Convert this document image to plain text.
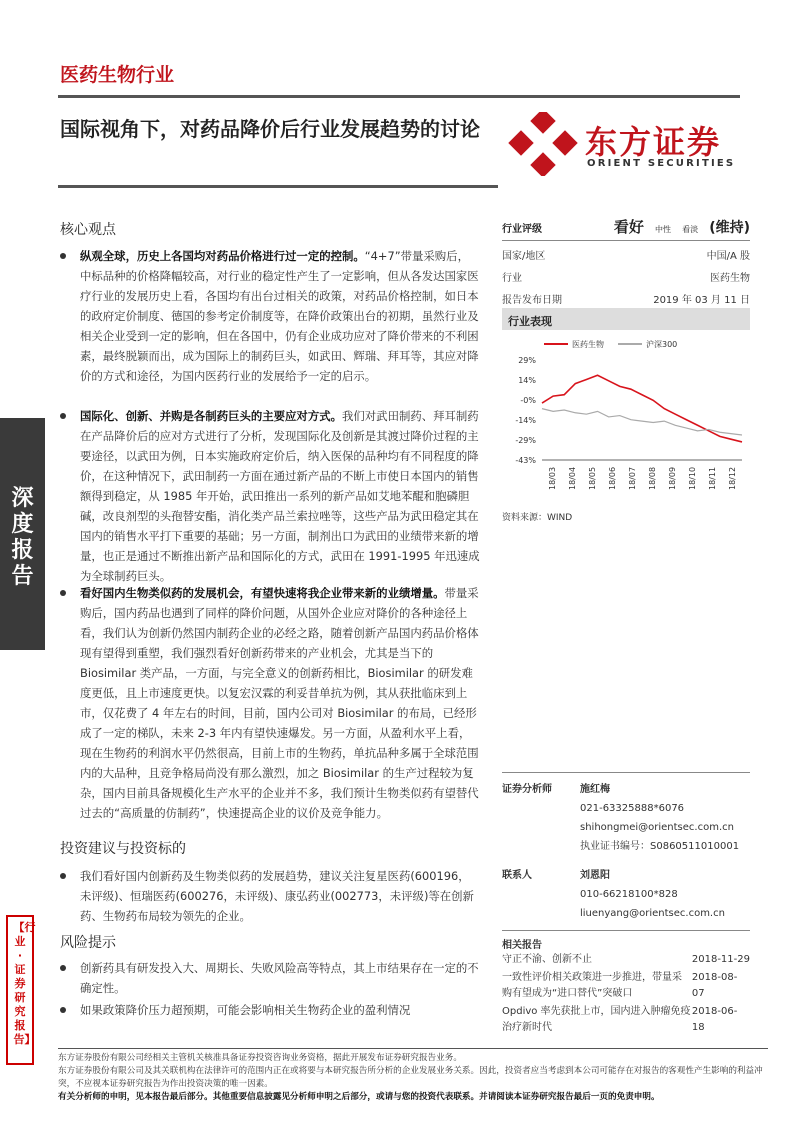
深度报告
【行业·证券研究报告】
医药生物行业
国际视角下，对药品降价后行业发展趋势的讨论	东方证券
ORIENT SECURITIES
核心观点
纵观全球，历史上各国均对药品价格进行过一定的控制。“4+7”带量采购后，中标品种的价格降幅较高，对行业的稳定性产生了一定影响，但从各发达国家医疗行业的发展历史上看，各国均有出台过相关的政策，对药品价格控制，如日本的政府定价制度、德国的参考定价制度等，在降价政策出台的初期，虽然行业及相关企业受到一定的影响，但在各国中，仍有企业成功应对了降价带来的不利困素，最终脱颖而出，成为国际上的制药巨头，如武田、辉瑞、拜耳等，其应对降价的方式和途径，为国内医药行业的发展给予一定的启示。
国际化、创新、并购是各制药巨头的主要应对方式。我们对武田制药、拜耳制药在产品降价后的应对方式进行了分析，发现国际化及创新是其渡过降价过程的主要途径，以武田为例，日本实施政府定价后，纳入医保的品种均有不同程度的降价，在这种情况下，武田制药一方面在通过新产品的不断上市使日本国内的销售额得到稳定，从 1985 年开始，武田推出一系列的新产品如艾地苯醌和胞磷胆碱，改良剂型的头孢替安酯，消化类产品兰索拉唑等，这些产品为武田稳定其在国内的销售水平打下重要的基础；另一方面，制剂出口为武田的业绩带来新的增量，也正是通过不断推出新产品和国际化的方式，武田在 1991-1995 年迅速成为全球制药巨头。
看好国内生物类似药的发展机会，有望快速将我企业带来新的业绩增量。带量采购后，国内药品也遇到了同样的降价问题，从国外企业应对降价的各种途径上看，我们认为创新仍然国内制药企业的必经之路，随着创新产品国内药品价格体现有望得到重塑，我们强烈看好创新药带来的产业机会，尤其是当下的 Biosimilar 类产品，一方面，与完全意义的创新药相比，Biosimilar 的研发难度更低，且上市速度更快。以复宏汉霖的利妥昔单抗为例，其从获批临床到上市，仅花费了 4 年左右的时间，目前，国内公司对 Biosimilar 的布局，已经形成了一定的梯队，未来 2-3 年内有望快速爆发。另一方面，从盈利水平上看，现在生物药的利润水平仍然很高，目前上市的生物药，单抗品种多属于全球范围内的大品种，且竞争格局尚没有那么激烈，加之 Biosimilar 的生产过程较为复杂，国内目前具备规模化生产水平的企业并不多，我们预计生物类似药有望替代过去的“高质量的仿制药”，快速提高企业的议价及竞争能力。
投资建议与投资标的
我们看好国内创新药及生物类似药的发展趋势，建议关注复星医药(600196，未评级)、恒瑞医药(600276，未评级)、康弘药业(002773，未评级)等在创新药、生物药布局较为领先的企业。
风险提示
创新药具有研发投入大、周期长、失败风险高等特点，其上市结果存在一定的不确定性。
如果政策降价压力超预期，可能会影响相关生物药企业的盈利情况
行业评级	看好 中性 看淡 (维持)
国家/地区	中国/A 股
行业	医药生物
报告发布日期	2019 年 03 月 11 日
行业表现
医药生物	沪深300
29%
14%
-0%
-14%
-29%
-43%
18/03 18/04 18/05 18/06 18/07 18/08 18/09 18/10 18/11 18/12
资料来源：WIND
证券分析师	施红梅
021-63325888*6076
shihongmei@orientsec.com.cn
执业证书编号：S0860511010001
联系人	刘恩阳
010-66218100*828
liuenyang@orientsec.com.cn
相关报告
守正不渝、创新不止	2018-11-29
一致性评价相关政策进一步推进，带量采购有望成为“进口替代”突破口
2018-08-07
Opdivo 率先获批上市，国内进入肿瘤免疫治疗新时代
2018-06-18
东方证券股份有限公司经相关主管机关核准具备证券投资咨询业务资格，据此开展发布证券研究报告业务。
东方证券股份有限公司及其关联机构在法律许可的范围内正在或将要与本研究报告所分析的企业发展业务关系。因此，投资者应当考虑到本公司可能存在对报告的客观性产生影响的利益冲突，不应视本证券研究报告为作出投资决策的唯一因素。
有关分析师的申明，见本报告最后部分。其他重要信息披露见分析师申明之后部分，或请与您的投资代表联系。并请阅读本证券研究报告最后一页的免责申明。
